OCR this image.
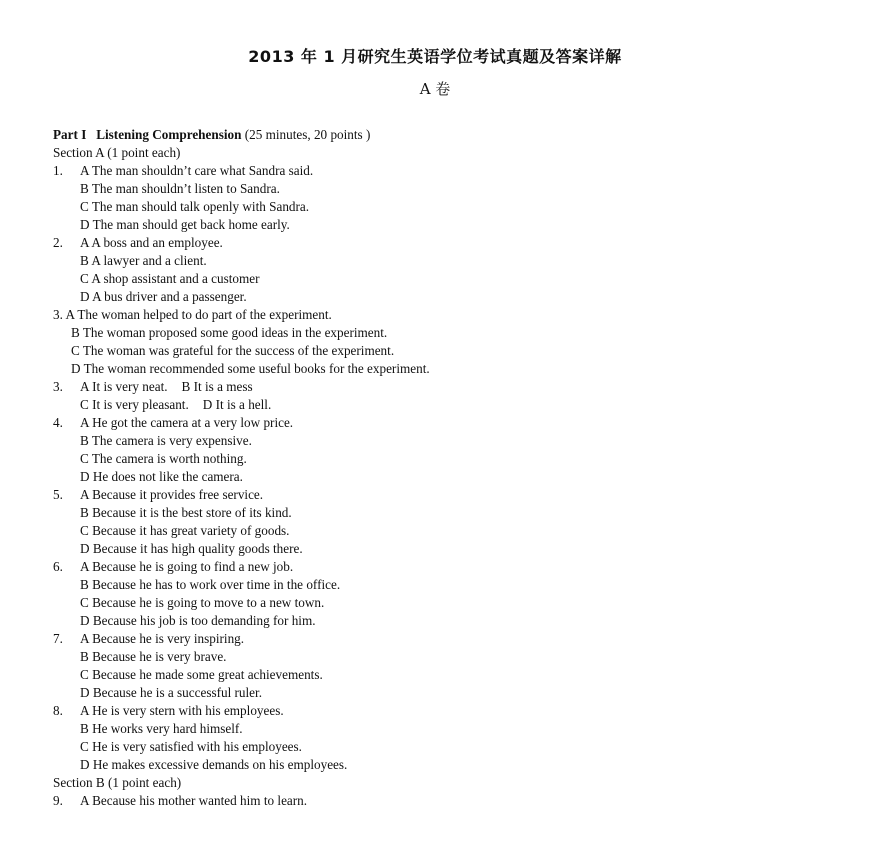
2013 年 1 月研究生英语学位考试真题及答案详解
A 卷
Part I Listening Comprehension (25 minutes, 20 points )
Section A (1 point each)
1.	A The man shouldn’t care what Sandra said.
B The man shouldn’t listen to Sandra.
C The man should talk openly with Sandra.
D The man should get back home early.
2.	A A boss and an employee.
B A lawyer and a client.
C A shop assistant and a customer
D A bus driver and a passenger.
3. A The woman helped to do part of the experiment.
B The woman proposed some good ideas in the experiment.
C The woman was grateful for the success of the experiment.
D The woman recommended some useful books for the experiment.
3.	A It is very neat. B It is a mess
C It is very pleasant. D It is a hell.
4.	A He got the camera at a very low price.
B The camera is very expensive.
C The camera is worth nothing.
D He does not like the camera.
5.	A Because it provides free service.
B Because it is the best store of its kind.
C Because it has great variety of goods.
D Because it has high quality goods there.
6.	A Because he is going to find a new job.
B Because he has to work over time in the office.
C Because he is going to move to a new town.
D Because his job is too demanding for him.
7.	A Because he is very inspiring.
B Because he is very brave.
C Because he made some great achievements.
D Because he is a successful ruler.
8.	A He is very stern with his employees.
B He works very hard himself.
C He is very satisfied with his employees.
D He makes excessive demands on his employees.
Section B (1 point each)
9.	A Because his mother wanted him to learn.
